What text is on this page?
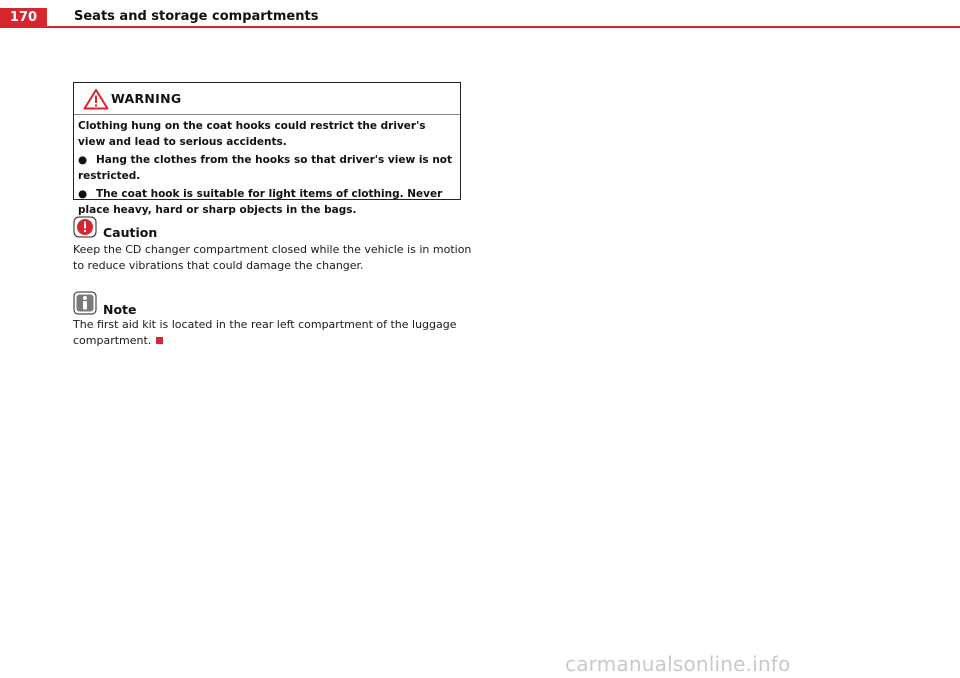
170	Seats and storage compartments
WARNING

Clothing hung on the coat hooks could restrict the driver's view and lead to serious accidents.

● Hang the clothes from the hooks so that driver's view is not restricted.

● The coat hook is suitable for light items of clothing. Never place heavy, hard or sharp objects in the bags.

Caution

Keep the CD changer compartment closed while the vehicle is in motion to reduce vibrations that could damage the changer.

Note

The first aid kit is located in the rear left compartment of the luggage compartment.

carmanualsonline.info
